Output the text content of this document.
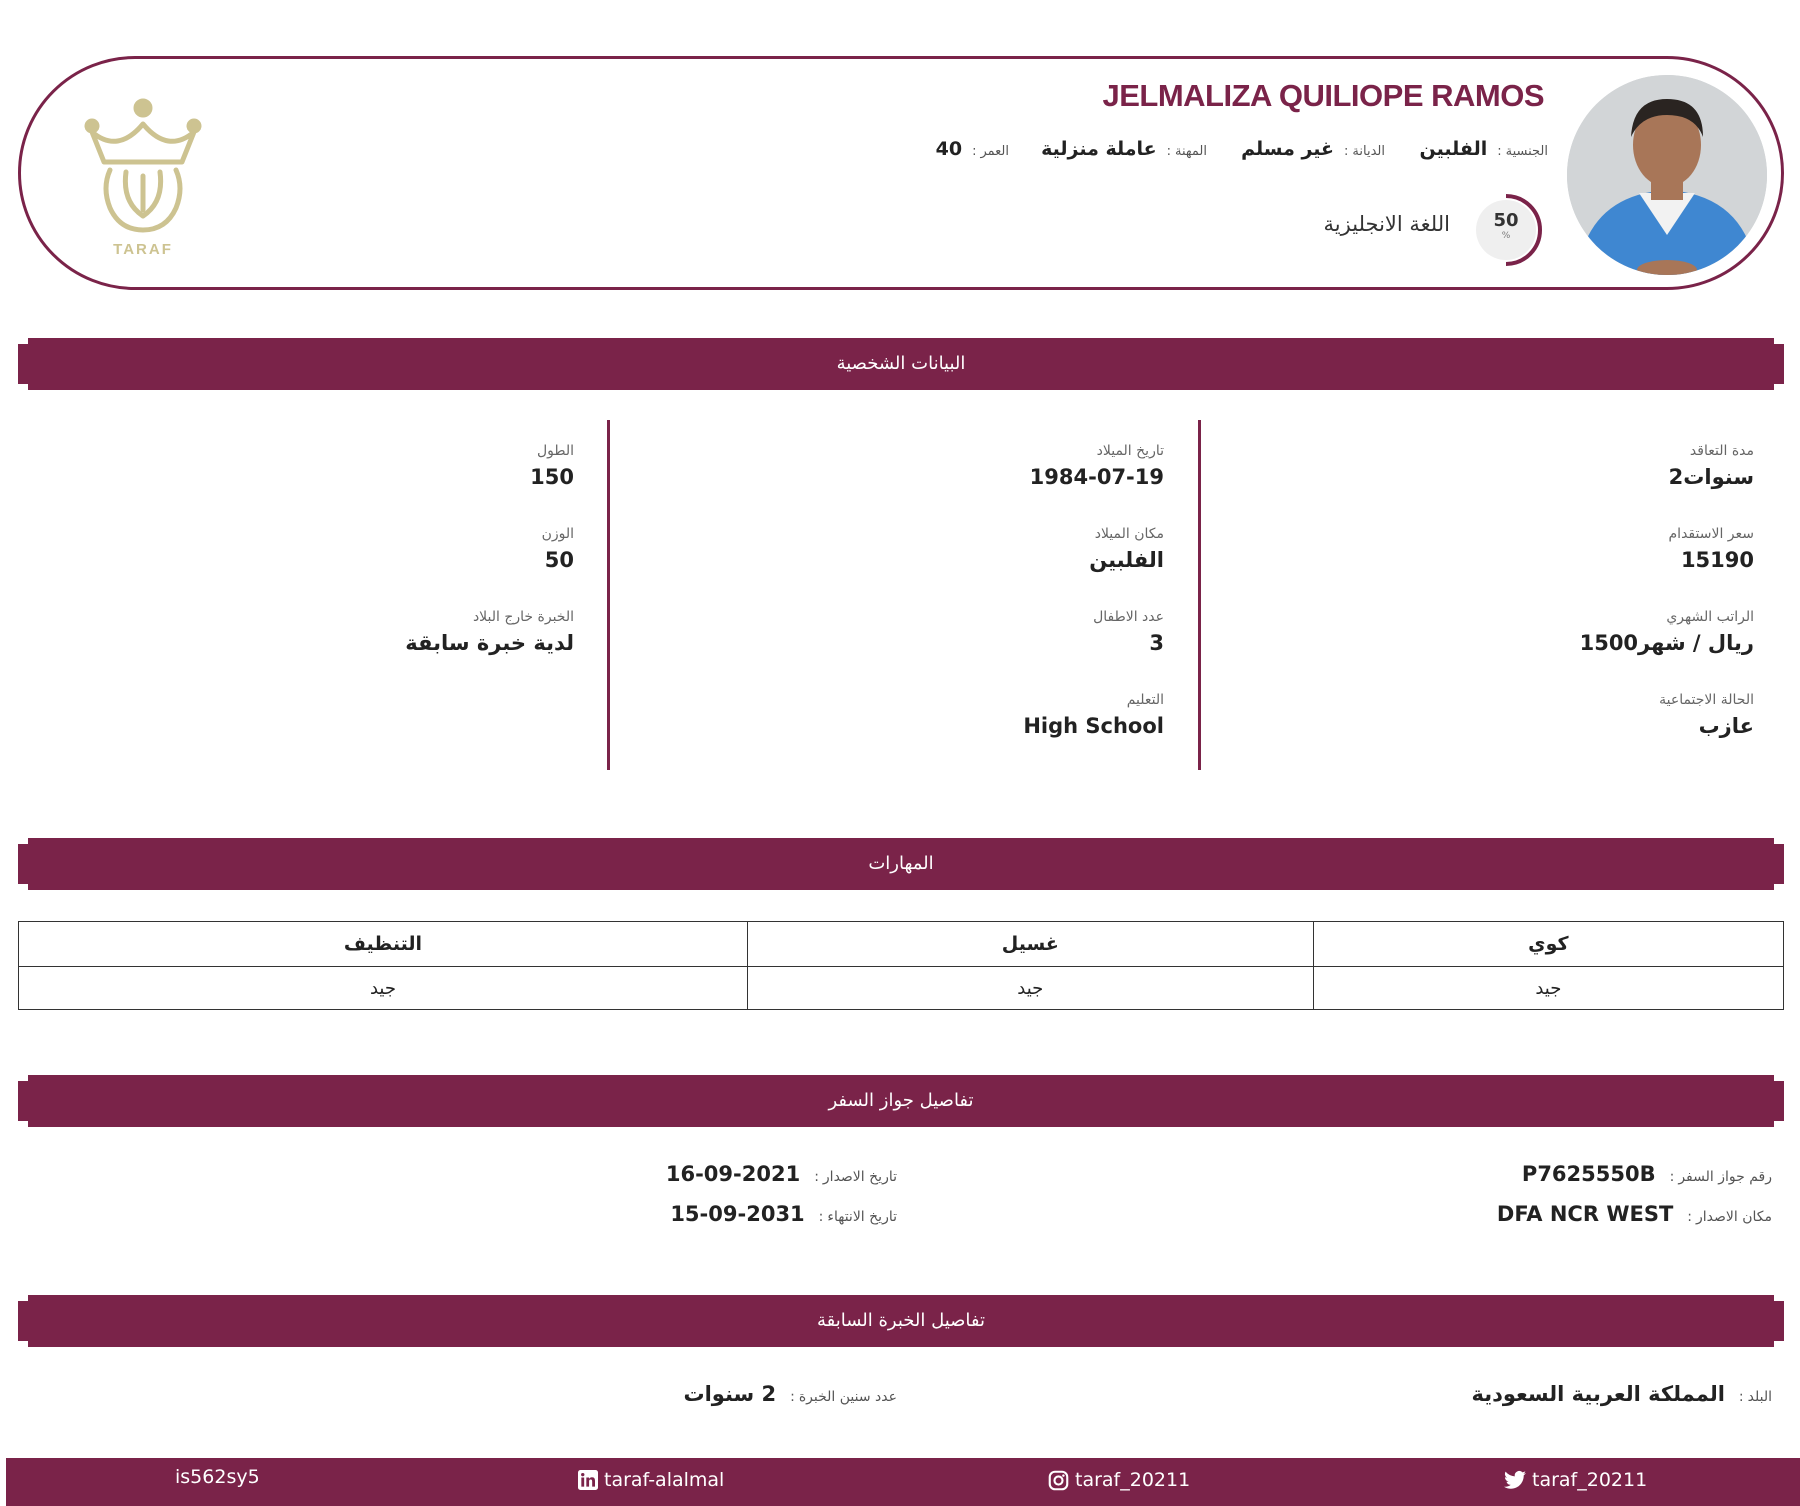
JELMALIZA QUILIOPE RAMOS
الجنسية:الفلبين
الديانة:غير مسلم
المهنة:عاملة منزلية
العمر:40
50
%
اللغة الانجليزية
TARAF
البيانات الشخصية
المهارات
تفاصيل جواز السفر
تفاصيل الخبرة السابقة
مدة التعاقد
2سنوات
سعر الاستقدام
15190
الراتب الشهري
1500ريال / شهر
الحالة الاجتماعية
عازب
تاريخ الميلاد
1984-07-19
مكان الميلاد
الفلبين
عدد الاطفال
3
التعليم
High School
الطول
150
الوزن
50
الخبرة خارج البلاد
لدية خبرة سابقة
كوي	غسيل	التنظيف
جيد	جيد	جيد
رقم جواز السفر:P7625550B
مكان الاصدار:DFA NCR WEST
تاريخ الاصدار:2021-09-16
تاريخ الانتهاء:2031-09-15
البلد:المملكة العربية السعودية
عدد سنين الخبرة:2 سنوات
taraf_20211
taraf_20211
taraf-alalmal
is562sy5
